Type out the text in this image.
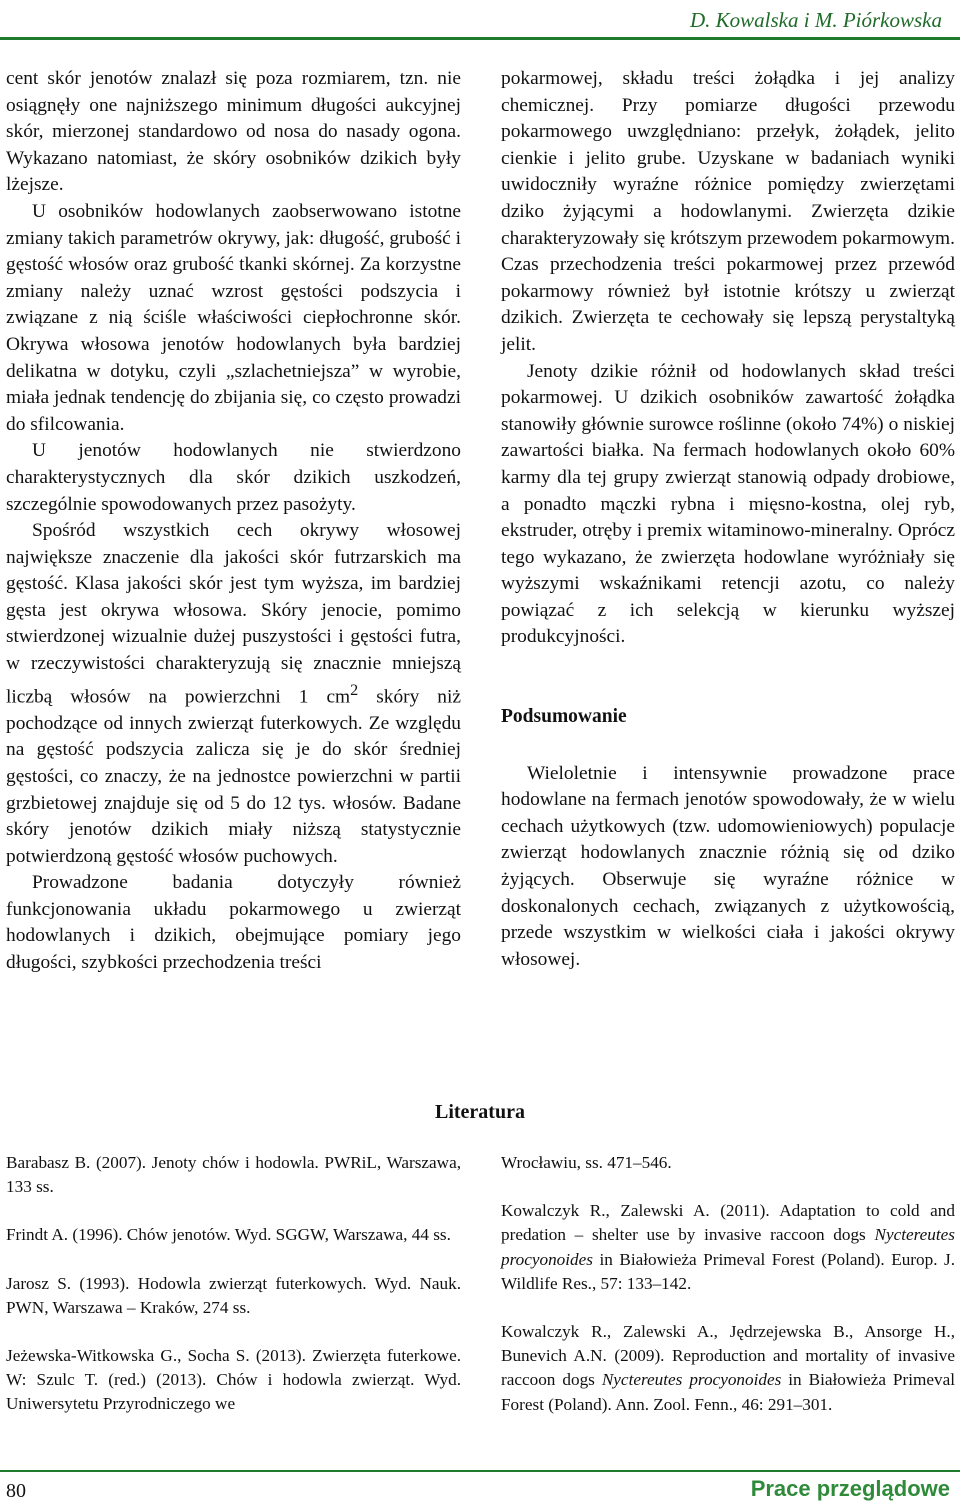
D. Kowalska i M. Piórkowska

cent skór jenotów znalazł się poza rozmiarem, tzn. nie osiągnęły one najniższego minimum długości aukcyjnej skór, mierzonej standardowo od nosa do nasady ogona. Wykazano natomiast, że skóry osobników dzikich były lżejsze.

U osobników hodowlanych zaobserwowano istotne zmiany takich parametrów okrywy, jak: długość, grubość i gęstość włosów oraz grubość tkanki skórnej. Za korzystne zmiany należy uznać wzrost gęstości podszycia i związane z nią ściśle właściwości ciepłochronne skór. Okrywa włosowa jenotów hodowlanych była bardziej delikatna w dotyku, czyli „szlachetniejsza” w wyrobie, miała jednak tendencję do zbijania się, co często prowadzi do sfilcowania.

U jenotów hodowlanych nie stwierdzono charakterystycznych dla skór dzikich uszkodzeń, szczególnie spowodowanych przez pasożyty.

Spośród wszystkich cech okrywy włosowej największe znaczenie dla jakości skór futrzarskich ma gęstość. Klasa jakości skór jest tym wyższa, im bardziej gęsta jest okrywa włosowa. Skóry jenocie, pomimo stwierdzonej wizualnie dużej puszystości i gęstości futra, w rzeczywistości charakteryzują się znacznie mniejszą liczbą włosów na powierzchni 1 $cm^2$ skóry niż pochodzące od innych zwierząt futerkowych. Ze względu na gęstość podszycia zalicza się je do skór średniej gęstości, co znaczy, że na jednostce powierzchni w partii grzbietowej znajduje się od 5 do 12 tys. włosów. Badane skóry jenotów dzikich miały niższą statystycznie potwierdzoną gęstość włosów puchowych.

Prowadzone badania dotyczyły również funkcjonowania układu pokarmowego u zwierząt hodowlanych i dzikich, obejmujące pomiary jego długości, szybkości przechodzenia treści

pokarmowej, składu treści żołądka i jej analizy chemicznej. Przy pomiarze długości przewodu pokarmowego uwzględniano: przełyk, żołądek, jelito cienkie i jelito grube. Uzyskane w badaniach wyniki uwidoczniły wyraźne różnice pomiędzy zwierzętami dziko żyjącymi a hodowlanymi. Zwierzęta dzikie charakteryzowały się krótszym przewodem pokarmowym. Czas przechodzenia treści pokarmowej przez przewód pokarmowy również był istotnie krótszy u zwierząt dzikich. Zwierzęta te cechowały się lepszą perystaltyką jelit.

Jenoty dzikie różnił od hodowlanych skład treści pokarmowej. U dzikich osobników zawartość żołądka stanowiły głównie surowce roślinne (około 74%) o niskiej zawartości białka. Na fermach hodowlanych około 60% karmy dla tej grupy zwierząt stanowią odpady drobiowe, a ponadto mączki rybna i mięsno-kostna, olej ryb, ekstruder, otręby i premix witaminowo-mineralny. Oprócz tego wykazano, że zwierzęta hodowlane wyróżniały się wyższymi wskaźnikami retencji azotu, co należy powiązać z ich selekcją w kierunku wyższej produkcyjności.

Podsumowanie

Wieloletnie i intensywnie prowadzone prace hodowlane na fermach jenotów spowodowały, że w wielu cechach użytkowych (tzw. udomowieniowych) populacje zwierząt hodowlanych znacznie różnią się od dziko żyjących. Obserwuje się wyraźne różnice w doskonalonych cechach, związanych z użytkowością, przede wszystkim w wielkości ciała i jakości okrywy włosowej.

Literatura

Barabasz B. (2007). Jenoty chów i hodowla. PWRiL, Warszawa, 133 ss.

Frindt A. (1996). Chów jenotów. Wyd. SGGW, Warszawa, 44 ss.

Jarosz S. (1993). Hodowla zwierząt futerkowych. Wyd. Nauk. PWN, Warszawa – Kraków, 274 ss.

Jeżewska-Witkowska G., Socha S. (2013). Zwierzęta futerkowe. W: Szulc T. (red.) (2013). Chów i hodowla zwierząt. Wyd. Uniwersytetu Przyrodniczego we

Wrocławiu, ss. 471–546.

Kowalczyk R., Zalewski A. (2011). Adaptation to cold and predation – shelter use by invasive raccoon dogs Nyctereutes procyonoides in Białowieża Primeval Forest (Poland). Europ. J. Wildlife Res., 57: 133–142.

Kowalczyk R., Zalewski A., Jędrzejewska B., Ansorge H., Bunevich A.N. (2009). Reproduction and mortality of invasive raccoon dogs Nyctereutes procyonoides in Białowieża Primeval Forest (Poland). Ann. Zool. Fenn., 46: 291–301.

80	Prace przeglądowe
